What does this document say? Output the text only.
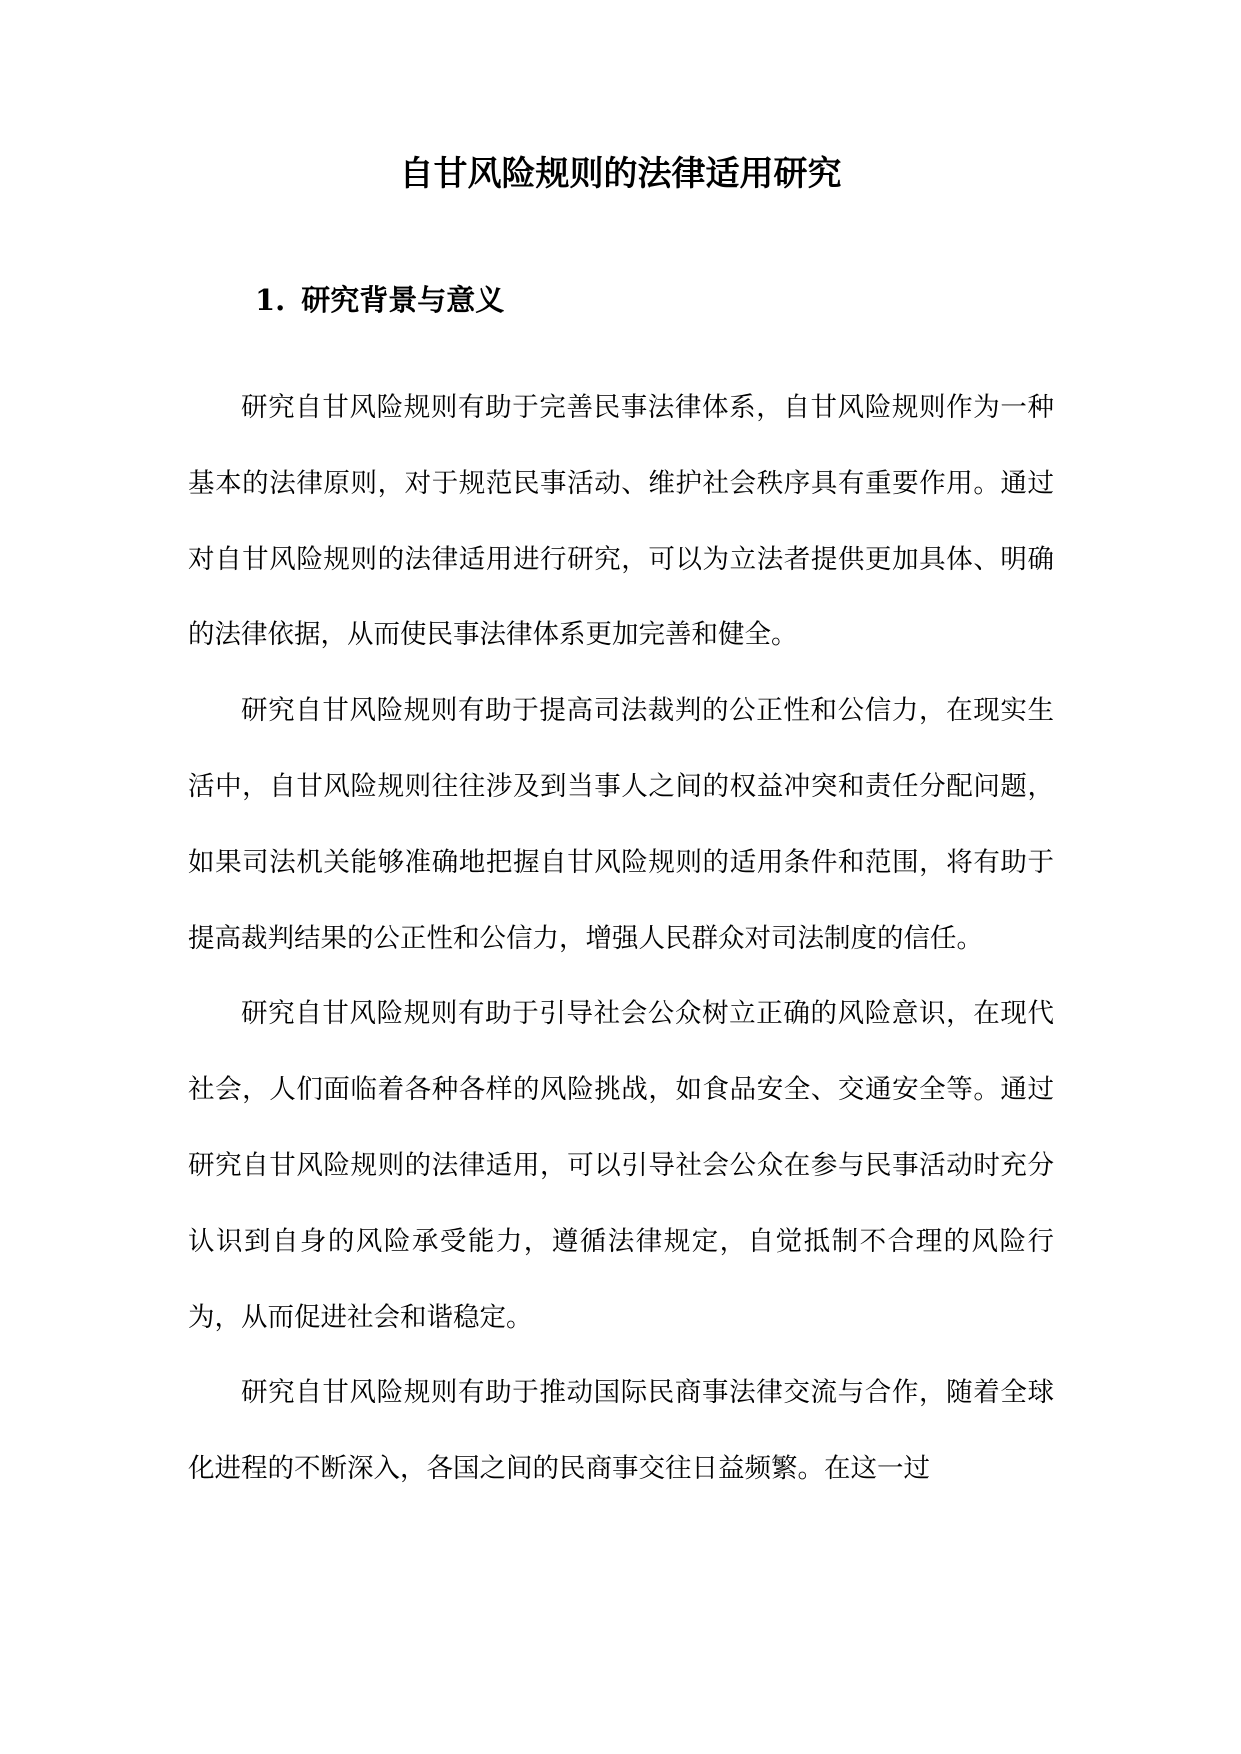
自甘风险规则的法律适用研究
1. 研究背景与意义

研究自甘风险规则有助于完善民事法律体系，自甘风险规则作为一种基本的法律原则，对于规范民事活动、维护社会秩序具有重要作用。通过对自甘风险规则的法律适用进行研究，可以为立法者提供更加具体、明确的法律依据，从而使民事法律体系更加完善和健全。

研究自甘风险规则有助于提高司法裁判的公正性和公信力，在现实生活中，自甘风险规则往往涉及到当事人之间的权益冲突和责任分配问题，如果司法机关能够准确地把握自甘风险规则的适用条件和范围，将有助于提高裁判结果的公正性和公信力，增强人民群众对司法制度的信任。

研究自甘风险规则有助于引导社会公众树立正确的风险意识，在现代社会，人们面临着各种各样的风险挑战，如食品安全、交通安全等。通过研究自甘风险规则的法律适用，可以引导社会公众在参与民事活动时充分认识到自身的风险承受能力，遵循法律规定，自觉抵制不合理的风险行为，从而促进社会和谐稳定。

研究自甘风险规则有助于推动国际民商事法律交流与合作，随着全球化进程的不断深入，各国之间的民商事交往日益频繁。在这一过
